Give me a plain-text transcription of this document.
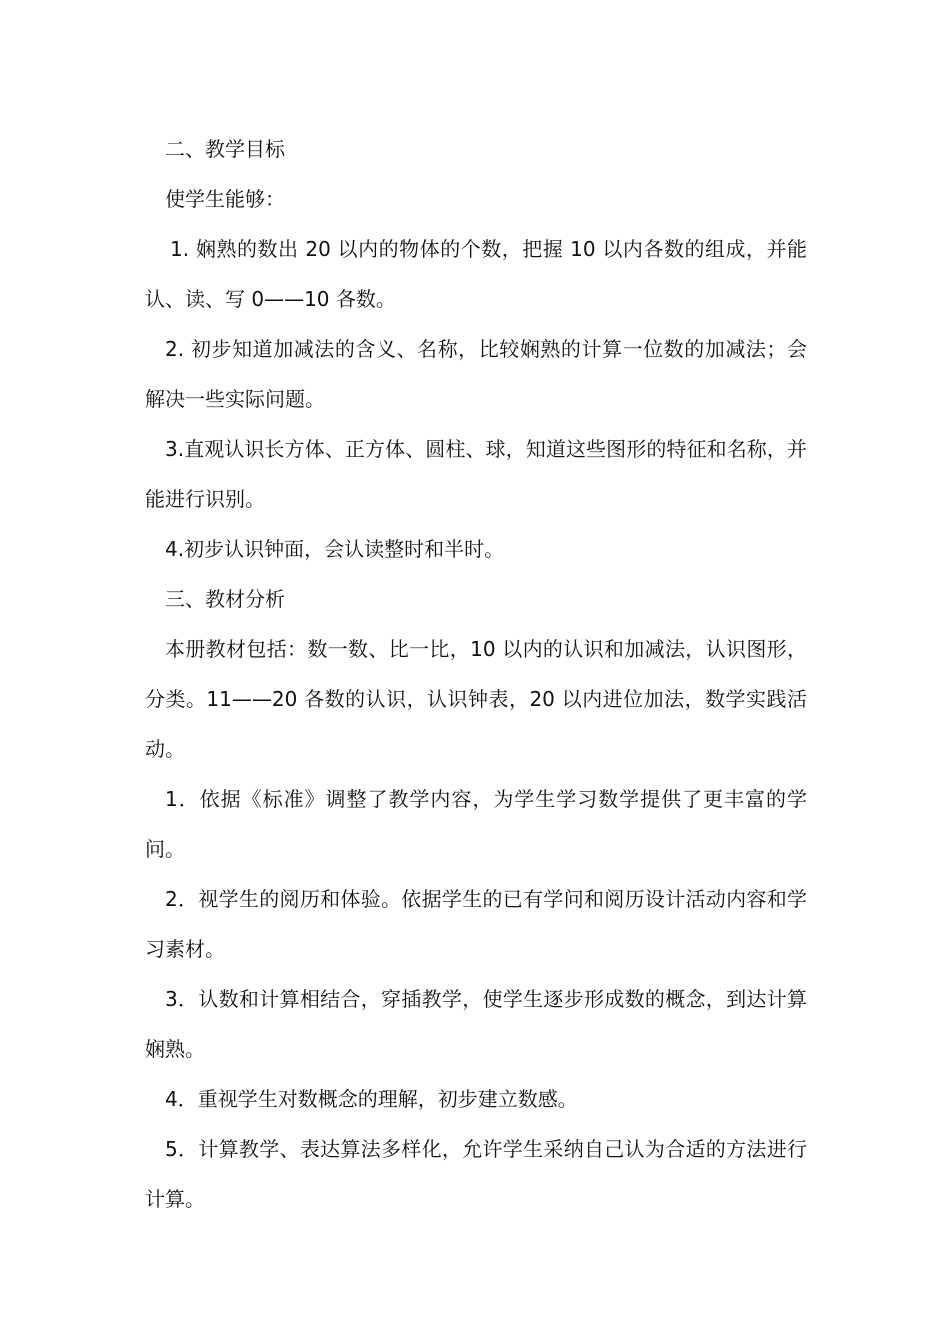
二、教学目标

使学生能够：

1. 娴熟的数出 20 以内的物体的个数，把握 10 以内各数的组成，并能认、读、写 0——10 各数。

2. 初步知道加减法的含义、名称，比较娴熟的计算一位数的加减法；会解决一些实际问题。

3.直观认识长方体、正方体、圆柱、球，知道这些图形的特征和名称，并能进行识别。

4.初步认识钟面，会认读整时和半时。

三、教材分析

本册教材包括：数一数、比一比，10 以内的认识和加减法，认识图形，分类。11——20 各数的认识，认识钟表，20 以内进位加法，数学实践活动。

1．依据《标准》调整了教学内容，为学生学习数学提供了更丰富的学问。

2．视学生的阅历和体验。依据学生的已有学问和阅历设计活动内容和学习素材。

3．认数和计算相结合，穿插教学，使学生逐步形成数的概念，到达计算娴熟。

4．重视学生对数概念的理解，初步建立数感。

5．计算教学、表达算法多样化，允许学生采纳自己认为合适的方法进行计算。
